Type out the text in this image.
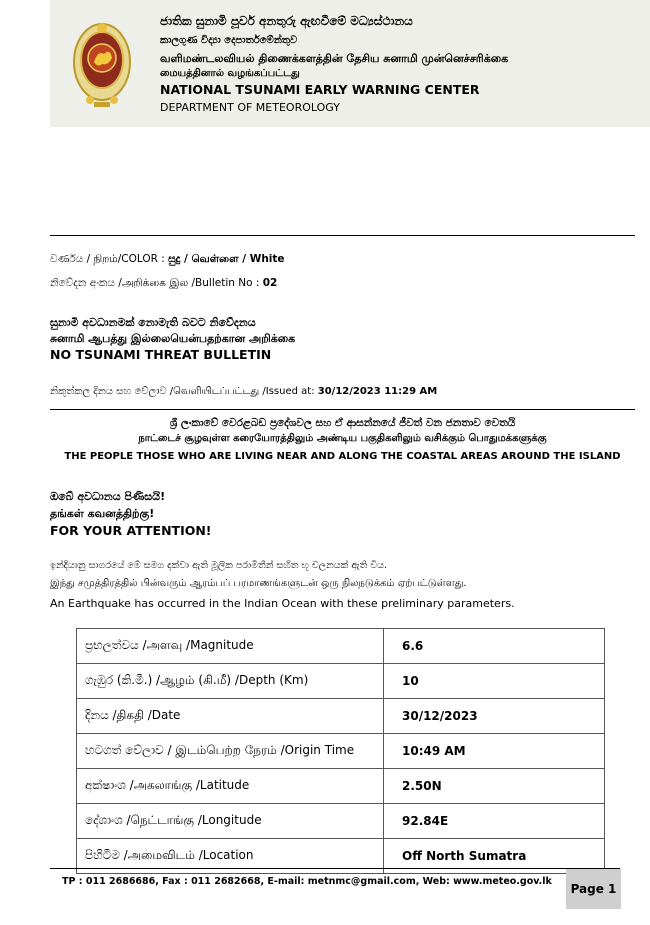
ජාතික සුනාමි පූර්ව අනතුරු ඇඟවීමේ මධ්‍යස්ථානය
කාලගුණ විද්‍යා දෙපාර්තමේන්තුව
வளிமண்டலவியல் திணைக்களத்தின் தேசிய சுனாமி முன்னெச்சரிக்கை
மையத்தினால் வழங்கப்பட்டது
NATIONAL TSUNAMI EARLY WARNING CENTER
DEPARTMENT OF METEOROLOGY
වර්ණය / நிறம்/COLOR : සුදු / வெள்ளை / White
නිවේදන අංකය /அறிக்கை இல /Bulletin No : 02
සුනාමි අවධානමක් නොමැති බවට නිවේදනය
சுனாமி ஆபத்து இல்லையென்பதற்கான அறிக்கை
NO TSUNAMI THREAT BULLETIN
නිකුත්කල දිනය සහ වේලාව /வெளியிடப்பட்டது /Issued at: 30/12/2023 11:29 AM
ශ්‍රී ලංකාවේ වෙරළබඩ ප්‍රදේශවල සහ ඒ ආසන්නයේ ජීවත් වන ජනතාව වෙතයි
நாட்டைச் சூழவுள்ள கரையோரத்திலும் அண்டிய பகுதிகளிலும் வசிக்கும் பொதுமக்களுக்கு
THE PEOPLE THOSE WHO ARE LIVING NEAR AND ALONG THE COASTAL AREAS AROUND THE ISLAND
ඔබේ අවධානය පිණිසයි!
தங்கள் கவனத்திற்கு!
FOR YOUR ATTENTION!
ඉන්දියානු සාගරයේ මේ සමග දක්වා ඇති මූලික පරාමිතීන් සහිත භූ චලනයක් ඇති විය.
இந்து சமுத்திரத்தில் பின்வரும் ஆரம்பப் பரமாணங்களுடன் ஒரு நிலநடுக்கம் ஏற்பட்டுள்ளது.
An Earthquake has occurred in the Indian Ocean with these preliminary parameters.
ප්‍රභලත්වය /அளவு /Magnitude	6.6
ගැඹුර (කි.මී.) /ஆழம் (கி.மீ) /Depth (Km)	10
දිනය /திகதி /Date	30/12/2023
හටගත් වේලාව / இடம்பெற்ற நேரம் /Origin Time	10:49 AM
අක්ෂාංශ /அகலாங்கு /Latitude	2.50N
දේශාංශ /நெட்டாங்கு /Longitude	92.84E
පිහිටීම /அமைவிடம் /Location	Off North Sumatra
TP : 011 2686686, Fax : 011 2682668, E-mail: metnmc@gmail.com, Web: www.meteo.gov.lk
Page 1
